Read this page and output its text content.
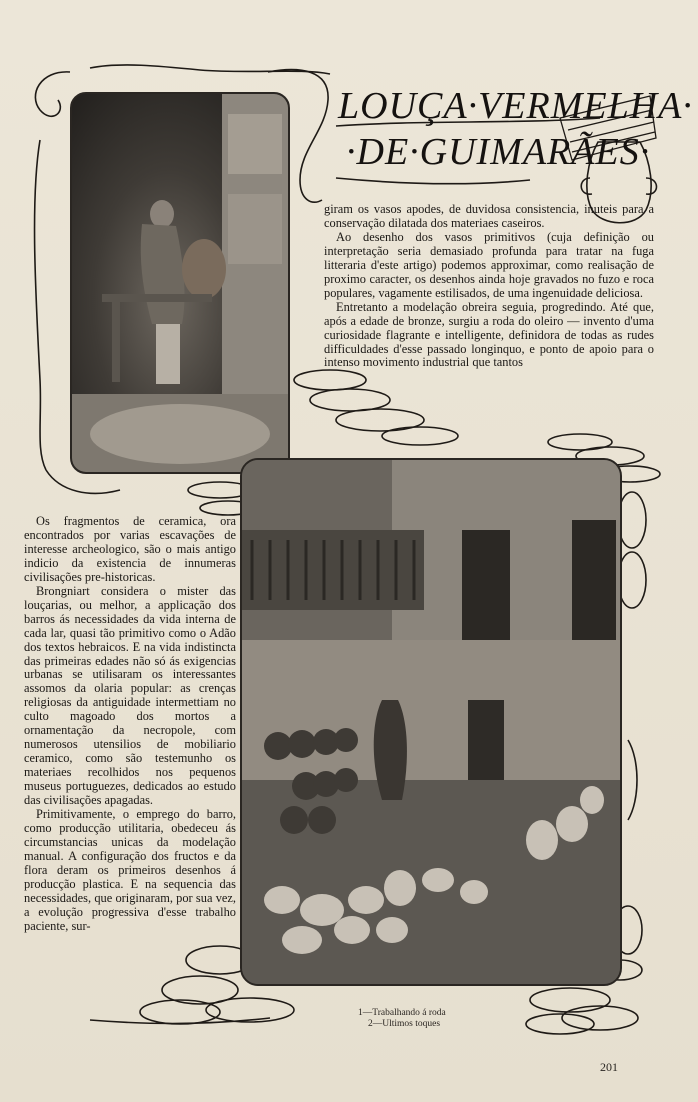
LOUÇA·VERMELHA·
·DE·GUIMARÃES·

giram os vasos apodes, de duvidosa consistencia, inuteis para a conservação dilatada dos materiaes caseiros.

Ao desenho dos vasos primitivos (cuja definição ou interpretação seria demasiado profunda para tratar na fuga litteraria d'este artigo) podemos approximar, como realisação de proximo caracter, os desenhos ainda hoje gravados no fuzo e roca populares, vagamente estilisados, de uma ingenuidade deliciosa.

Entretanto a modelação obreira seguia, progredindo. Até que, após a edade de bronze, surgiu a roda do oleiro — invento d'uma curiosidade flagrante e intelligente, definidora de todas as rudes difficuldades d'esse passado longinquo, e ponto de apoio para o intenso movimento industrial que tantos

Os fragmentos de ceramica, ora encontrados por varias escavações de interesse archeologico, são o mais antigo indicio da existencia de innumeras civilisações pre-historicas.

Brongniart considera o mister das louçarias, ou melhor, a applicação dos barros ás necessidades da vida interna de cada lar, quasi tão primitivo como o Adão dos textos hebraicos. E na vida indistincta das primeiras edades não só ás exigencias urbanas se utilisaram os interessantes assomos da olaria popular: as crenças religiosas da antiguidade intermettiam no culto magoado dos mortos a ornamentação da necropole, com numerosos utensilios de mobiliario ceramico, como são testemunho os materiaes recolhidos nos pequenos museus portuguezes, dedicados ao estudo das civilisações apagadas.

Primitivamente, o emprego do barro, como producção utilitaria, obedeceu ás circumstancias unicas da modelação manual. A configuração dos fructos e da flora deram os primeiros desenhos á producção plastica. E na sequencia das necessidades, que originaram, por sua vez, a evolução progressiva d'esse trabalho paciente, sur-

1—Trabalhando á roda
2—Ultimos toques
201
